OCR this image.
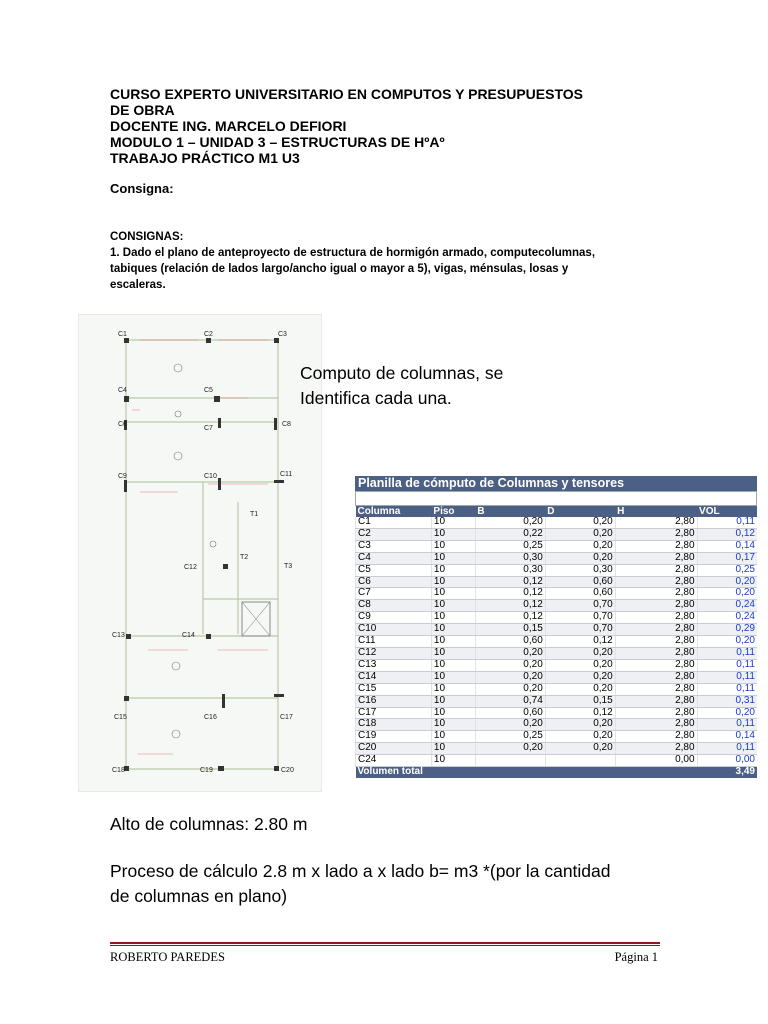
CURSO EXPERTO UNIVERSITARIO EN COMPUTOS Y PRESUPUESTOS
DE OBRA
DOCENTE ING. MARCELO DEFIORI
MODULO 1 – UNIDAD 3 – ESTRUCTURAS DE HºAº
TRABAJO PRÁCTICO M1 U3
Consigna:
CONSIGNAS:
1. Dado el plano de anteproyecto de estructura de hormigón armado, computecolumnas,
tabiques (relación de lados largo/ancho igual o mayor a 5), vigas, ménsulas, losas y
escaleras.
C1	C2	C3
C4	C5
C6
C7
C8
C9	C10	C11
C12
C13	C14
C15	C16	C17
C18	C19	C20
T1
T2
T3
Computo de columnas, se
Identifica cada una.
Planilla de cómputo de Columnas y tensores
Columna	Piso	B	D	H	VOL
C1	10	0,20	0,20	2,80	0,11
C2	10	0,22	0,20	2,80	0,12
C3	10	0,25	0,20	2,80	0,14
C4	10	0,30	0,20	2,80	0,17
C5	10	0,30	0,30	2,80	0,25
C6	10	0,12	0,60	2,80	0,20
C7	10	0,12	0,60	2,80	0,20
C8	10	0,12	0,70	2,80	0,24
C9	10	0,12	0,70	2,80	0,24
C10	10	0,15	0,70	2,80	0,29
C11	10	0,60	0,12	2,80	0,20
C12	10	0,20	0,20	2,80	0,11
C13	10	0,20	0,20	2,80	0,11
C14	10	0,20	0,20	2,80	0,11
C15	10	0,20	0,20	2,80	0,11
C16	10	0,74	0,15	2,80	0,31
C17	10	0,60	0,12	2,80	0,20
C18	10	0,20	0,20	2,80	0,11
C19	10	0,25	0,20	2,80	0,14
C20	10	0,20	0,20	2,80	0,11
C24	10			0,00	0,00
Volumen total					3,49
Alto de columnas: 2.80 m
Proceso de cálculo 2.8 m x lado a x lado b= m3 *(por la cantidad
de columnas en plano)
ROBERTO PAREDES	Página 1
